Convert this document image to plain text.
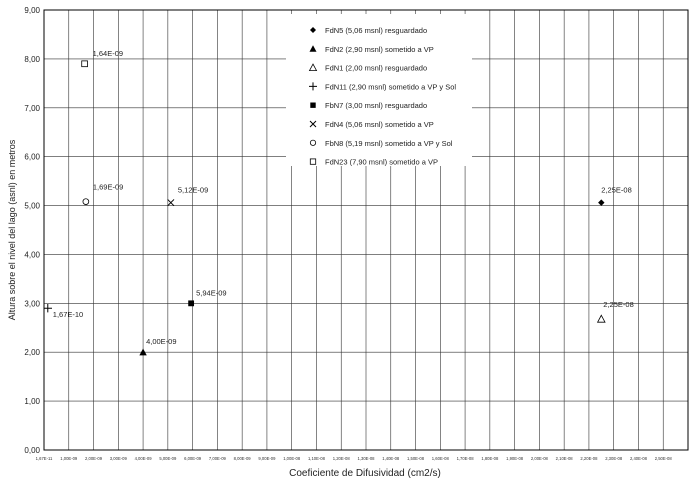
0,00
1,00
2,00
3,00
4,00
5,00
6,00
7,00
8,00
9,00
1,67E-11 1,00E-09 2,00E-09 3,00E-09 4,00E-09 5,00E-09 6,00E-09 7,00E-09 8,00E-09 9,00E-09 1,00E-08 1,10E-08 1,20E-08 1,30E-08 1,40E-08 1,50E-08 1,60E-08 1,70E-08 1,80E-08 1,90E-08 2,00E-08 2,10E-08 2,20E-08 2,30E-08 2,40E-08 2,50E-08
Coeficiente de Difusividad (cm2/s)
Altura sobre el nivel del lago (asnl) en metros	2,25E-08
4,00E-09
2,25E-08
1,67E-10
5,94E-09
5,12E-09
1,69E-09
1,64E-09
FdN5 (5,06 msnl) resguardado
FdN2 (2,90 msnl) sometido a VP
FdN1 (2,00 msnl) resguardado
FdN11 (2,90 msnl) sometido a VP y Sol
FbN7 (3,00 msnl) resguardado
FdN4 (5,06 msnl) sometido a VP
FbN8 (5,19 msnl) sometido a VP y Sol
FdN23 (7,90 msnl) sometido a VP
